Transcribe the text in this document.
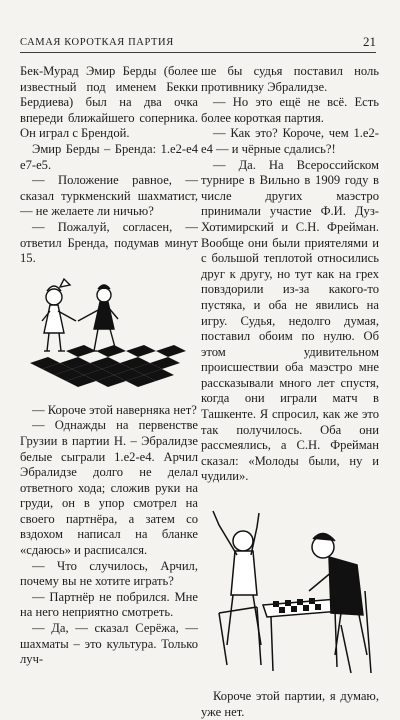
САМАЯ КОРОТКАЯ ПАРТИЯ	21

Бек-Мурад Эмир Берды (более известный под именем Бекки Бердиева) был на два очка впереди ближайшего соперника. Он играл с Брендой.

Эмир Берды – Бренда: 1.e2-e4 e7-e5.

— Положение равное, — сказал туркменский шахматист, — не желаете ли ничью?

— Пожалуй, согласен, — ответил Бренда, подумав минут 15.

— Короче этой наверняка нет?

— Однажды на первенстве Грузии в партии Н. – Эбралидзе белые сыграли 1.e2-e4. Арчил Эбралидзе долго не делал ответного хода; сложив руки на груди, он в упор смотрел на своего партнёра, а затем со вздохом написал на бланке «сдаюсь» и расписался.

— Что случилось, Арчил, почему вы не хотите играть?

— Партнёр не побрился. Мне на него неприятно смотреть.

— Да, — сказал Серёжа, — шахматы – это культура. Только луч-

ше бы судья поставил ноль противнику Эбралидзе.

— Но это ещё не всё. Есть более короткая партия.

— Как это? Короче, чем 1.e2-e4 — и чёрные сдались?!

— Да. На Всероссийском турнире в Вильно в 1909 году в числе других маэстро принимали участие Ф.И. Дуз-Хотимирский и С.Н. Фрейман. Вообще они были приятелями и с большой теплотой относились друг к другу, но тут как на грех повздорили из-за какого-то пустяка, и оба не явились на игру. Судья, недолго думая, поставил обоим по нулю. Об этом удивительном происшествии оба маэстро мне рассказывали много лет спустя, когда они играли матч в Ташкенте. Я спросил, как же это так получилось. Оба они рассмеялись, а С.Н. Фрейман сказал: «Молоды были, ну и чудили».

Короче этой партии, я думаю, уже нет.
